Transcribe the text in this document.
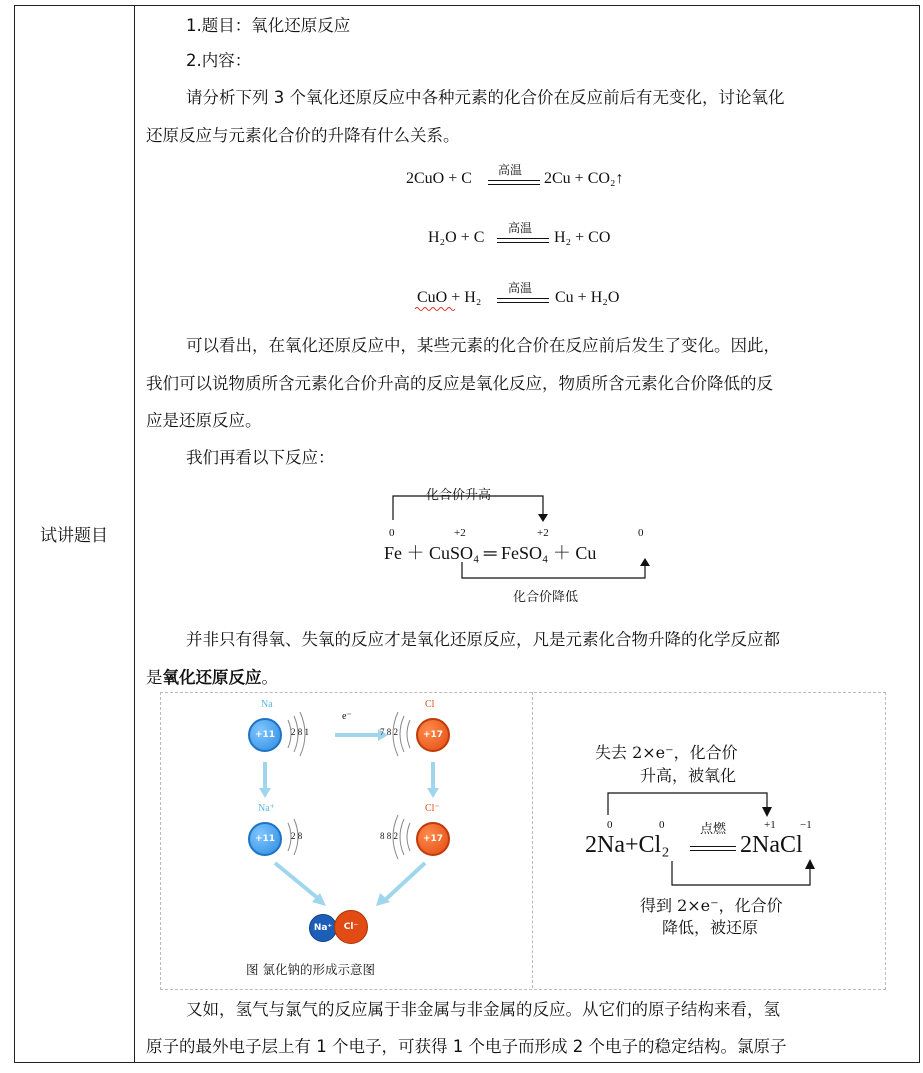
试讲题目
1.题目：氧化还原反应
2.内容：
请分析下列 3 个氧化还原反应中各种元素的化合价在反应前后有无变化，讨论氧化
还原反应与元素化合价的升降有什么关系。
2CuO + C 高温 2Cu + CO₂↑
H₂O + C
高温
H₂ + CO
CuO + H₂
高温
Cu + H₂O
可以看出，在氧化还原反应中，某些元素的化合价在反应前后发生了变化。因此，
我们可以说物质所含元素化合价升高的反应是氧化反应，物质所含元素化合价降低的反
应是还原反应。
我们再看以下反应：
化合价升高
0	+2	+2	0
Fe ＋ CuSO₄ ═ FeSO₄ ＋ Cu
化合价降低
并非只有得氧、失氧的反应才是氧化还原反应，凡是元素化合物升降的化学反应都
是氧化还原反应。
Na
e⁻
Cl
+11	2 8 1	7 8 2	+17
Na⁺	Cl⁻
+11	2 8	8 8 2	+17
Na⁺	Cl⁻
图 氯化钠的形成示意图
失去 2×e⁻，化合价
升高，被氧化
0	0	+1 −1
点燃
2Na+Cl₂	2NaCl
得到 2×e⁻，化合价
降低，被还原
又如，氢气与氯气的反应属于非金属与非金属的反应。从它们的原子结构来看，氢
原子的最外电子层上有 1 个电子，可获得 1 个电子而形成 2 个电子的稳定结构。氯原子
